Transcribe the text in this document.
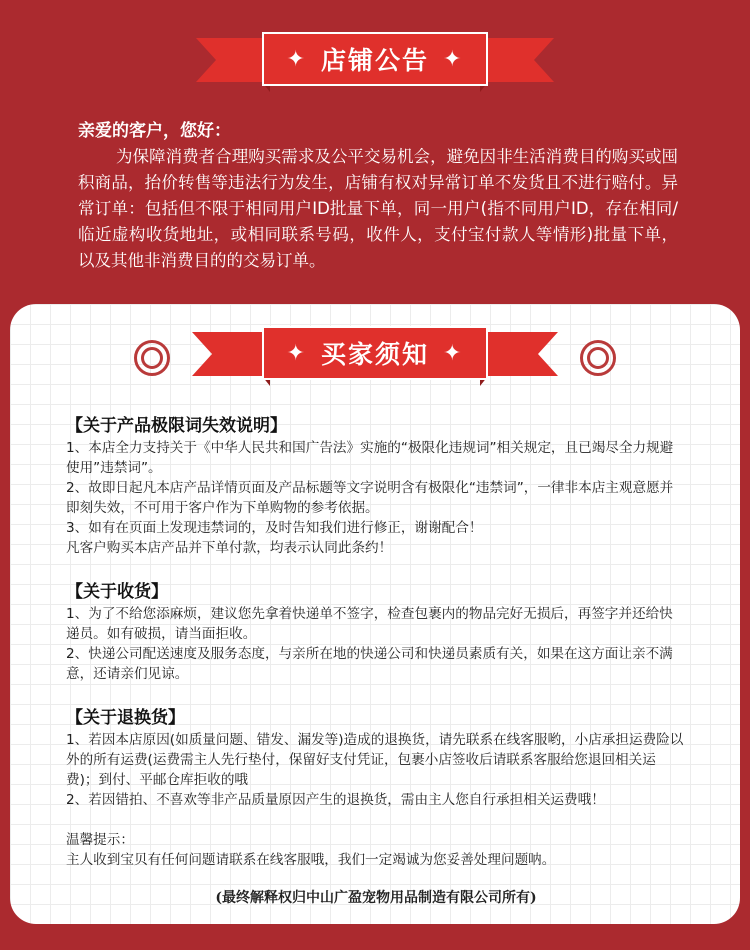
✦ 店铺公告 ✦
亲爱的客户，您好：
为保障消费者合理购买需求及公平交易机会，避免因非生活消费目的购买或囤积商品，抬价转售等违法行为发生，店铺有权对异常订单不发货且不进行赔付。异常订单：包括但不限于相同用户ID批量下单，同一用户(指不同用户ID，存在相同/临近虚构收货地址，或相同联系号码，收件人，支付宝付款人等情形)批量下单，以及其他非消费目的的交易订单。
✦ 买家须知 ✦
【关于产品极限词失效说明】
1、本店全力支持关于《中华人民共和国广告法》实施的“极限化违规词”相关规定，且已竭尽全力规避使用”违禁词”。
2、故即日起凡本店产品详情页面及产品标题等文字说明含有极限化“违禁词”，一律非本店主观意愿并即刻失效，不可用于客户作为下单购物的参考依据。
3、如有在页面上发现违禁词的，及时告知我们进行修正，谢谢配合！
凡客户购买本店产品并下单付款，均表示认同此条约！
【关于收货】
1、为了不给您添麻烦，建议您先拿着快递单不签字，检查包裹内的物品完好无损后，再签字并还给快递员。如有破损，请当面拒收。
2、快递公司配送速度及服务态度，与亲所在地的快递公司和快递员素质有关，如果在这方面让亲不满意，还请亲们见谅。
【关于退换货】
1、若因本店原因(如质量问题、错发、漏发等)造成的退换货，请先联系在线客服哟，小店承担运费险以外的所有运费(运费需主人先行垫付，保留好支付凭证，包裹小店签收后请联系客服给您退回相关运费)；到付、平邮仓库拒收的哦
2、若因错拍、不喜欢等非产品质量原因产生的退换货，需由主人您自行承担相关运费哦！
温馨提示：
主人收到宝贝有任何问题请联系在线客服哦，我们一定竭诚为您妥善处理问题呐。
(最终解释权归中山广盈宠物用品制造有限公司所有)
